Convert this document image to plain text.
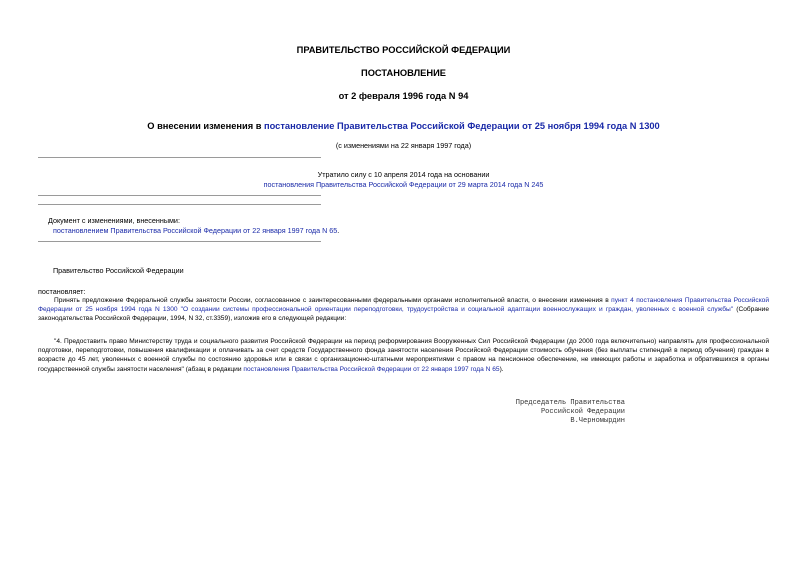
ПРАВИТЕЛЬСТВО РОССИЙСКОЙ ФЕДЕРАЦИИ
ПОСТАНОВЛЕНИЕ
от 2 февраля 1996 года N 94
О внесении изменения в постановление Правительства Российской Федерации от 25 ноября 1994 года N 1300
(с изменениями на 22 января 1997 года)
Утратило силу с 10 апреля 2014 года на основании
постановления Правительства Российской Федерации от 29 марта 2014 года N 245
Документ с изменениями, внесенными:
постановлением Правительства Российской Федерации от 22 января 1997 года N 65.
Правительство Российской Федерации
постановляет:
Принять предложение Федеральной службы занятости России, согласованное с заинтересованными федеральными органами исполнительной власти, о внесении изменения в пункт 4 постановления Правительства Российской Федерации от 25 ноября 1994 года N 1300 "О создании системы профессиональной ориентации переподготовки, трудоустройства и социальной адаптации военнослужащих и граждан, уволенных с военной службы" (Собрание законодательства Российской Федерации, 1994, N 32, ст.3359), изложив его в следующей редакции:
"4. Предоставить право Министерству труда и социального развития Российской Федерации на период реформирования Вооруженных Сил Российской Федерации (до 2000 года включительно) направлять для профессиональной подготовки, переподготовки, повышения квалификации и оплачивать за счет средств Государственного фонда занятости населения Российской Федерации стоимость обучения (без выплаты стипендий в период обучения) граждан в возрасте до 45 лет, уволенных с военной службы по состоянию здоровья или в связи с организационно-штатными мероприятиями с правом на пенсионное обеспечение, не имеющих работы и заработка и обратившихся в органы государственной службы занятости населения" (абзац в редакции постановления Правительства Российской Федерации от 22 января 1997 года N 65).
Председатель Правительства
Российской Федерации
В.Черномырдин
